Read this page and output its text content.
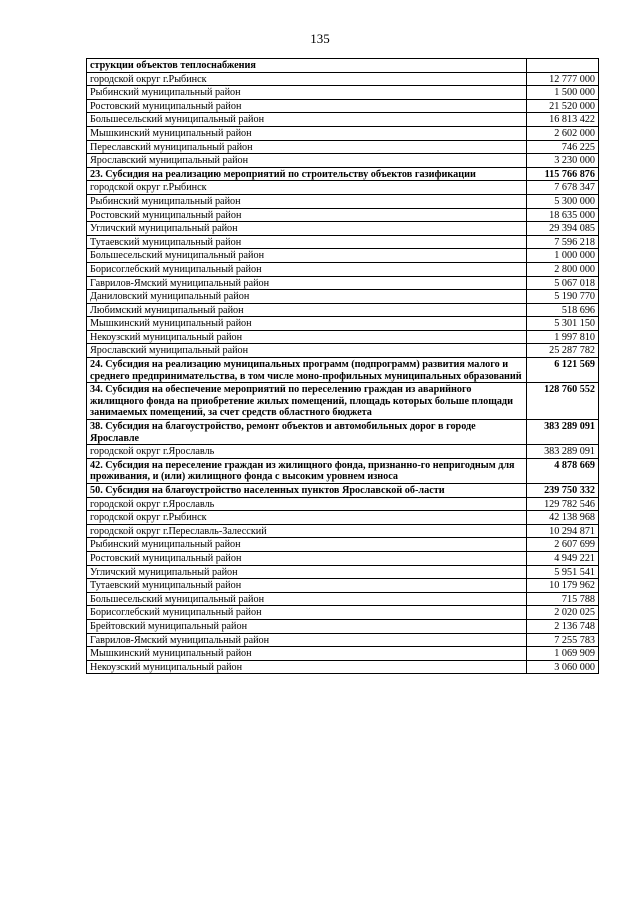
135
струкции объектов теплоснабжения	
городской округ г.Рыбинск	12 777 000
Рыбинский муниципальный район	1 500 000
Ростовский муниципальный район	21 520 000
Большесельский муниципальный район	16 813 422
Мышкинский муниципальный район	2 602 000
Переславский муниципальный район	746 225
Ярославский муниципальный район	3 230 000
23. Субсидия на реализацию мероприятий по строительству объектов газификации	115 766 876
городской округ г.Рыбинск	7 678 347
Рыбинский муниципальный район	5 300 000
Ростовский муниципальный район	18 635 000
Угличский муниципальный район	29 394 085
Тутаевский муниципальный район	7 596 218
Большесельский муниципальный район	1 000 000
Борисоглебский муниципальный район	2 800 000
Гаврилов-Ямский муниципальный район	5 067 018
Даниловский муниципальный район	5 190 770
Любимский муниципальный район	518 696
Мышкинский муниципальный район	5 301 150
Некоузский муниципальный район	1 997 810
Ярославский муниципальный район	25 287 782
24. Субсидия на реализацию муниципальных программ (подпрограмм) развития малого и среднего предпринимательства, в том числе моно-профильных муниципальных образований	6 121 569
34. Субсидия на обеспечение мероприятий по переселению граждан из аварийного жилищного фонда на приобретение жилых помещений, площадь которых больше площади занимаемых помещений, за счет средств областного бюджета	128 760 552
38. Субсидия на благоустройство, ремонт объектов и автомобильных дорог в городе Ярославле	383 289 091
городской округ г.Ярославль	383 289 091
42. Субсидия на переселение граждан из жилищного фонда, признанно-го непригодным для проживания, и (или) жилищного фонда с высоким уровнем износа	4 878 669
50. Субсидия на благоустройство населенных пунктов Ярославской об-ласти	239 750 332
городской округ г.Ярославль	129 782 546
городской округ г.Рыбинск	42 138 968
городской округ г.Переславль-Залесский	10 294 871
Рыбинский муниципальный район	2 607 699
Ростовский муниципальный район	4 949 221
Угличский муниципальный район	5 951 541
Тутаевский муниципальный район	10 179 962
Большесельский муниципальный район	715 788
Борисоглебский муниципальный район	2 020 025
Брейтовский муниципальный район	2 136 748
Гаврилов-Ямский муниципальный район	7 255 783
Мышкинский муниципальный район	1 069 909
Некоузский муниципальный район	3 060 000
